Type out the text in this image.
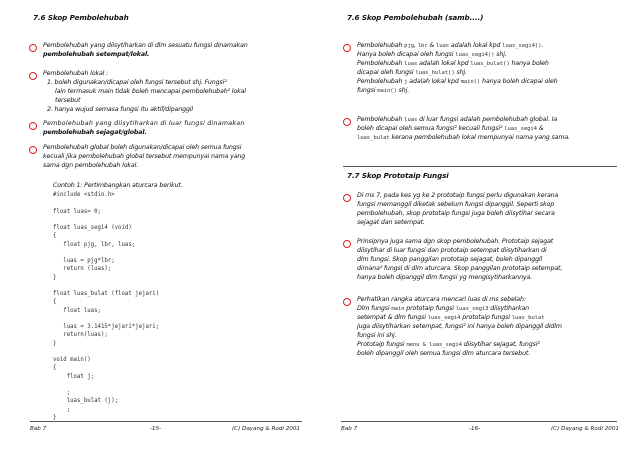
7.6 Skop Pembolehubah
Pembolehubah yang diisytiharkan di dlm sesuatu fungsi dinamakan
pembolehubah setempat/lokal.
Pembolehubah lokal :
1. boleh digunakan/dicapai oleh fungsi tersebut shj. Fungsi²
lain termasuk main tidak boleh mencapai pembolehubah² lokal
tersebut
2. hanya wujud semasa fungsi itu aktif/dipanggil
Pembolehubah yang diisytiharkan di luar fungsi dinamakan
pembolehubah sejagat/global.
Pembolehubah global boleh digunakan/dicapai oleh semua fungsi
kecuali jika pembolehubah global tersebut mempunyai nama yang
sama dgn pembolehubah lokal.
Contoh 1: Pertimbangkan aturcara berikut.
#include <stdio.h>

float luas= 0;

float luas_segi4 (void)
{
float pjg, lbr, luas;

luas = pjg*lbr;
return (luas);
}

float luas_bulat (float jejari)
{
float luas;

luas = 3.1415*jejari*jejari;
return(luas);
}

void main()
{
float j;

;
luas_bulat (j);
;
}
Bab 7	-15-	(C) Dayang & Rodi 2001
7.6 Skop Pembolehubah (samb....)
Pembolehubah pjg, lbr & luas adalah lokal kpd luas_segi4().
Hanya boleh dicapai oleh fungsi luas_segi4() shj.
Pembolehubah luas adalah lokal kpd luas_bulat() hanya boleh
dicapai oleh fungsi luas_bulat() shj.
Pembolehubah j adalah lokal kpd main() hanya boleh dicapai oleh
fungsi main() shj.
Pembolehubah luas di luar fungsi adalah pembolehubah global. Ia
boleh dicapai oleh semua fungsi² kecuali fungsi² luas_segi4 &
luas_bulat kerana pembolehubah lokal mempunyai nama yang sama.
7.7 Skop Prototaip Fungsi
Di ms 7, pada kes yg ke 2 prototaip fungsi perlu digunakan kerana
fungsi memanggil diketak sebelum fungsi dipanggil. Seperti skop
pembolehubah, skop prototaip fungsi juga boleh diisytihar secara
sejagat dan setempat.
Prinsipnya juga sama dgn skop pembolehubah. Prototaip sejagat
diisytihar di luar fungsi dan prototaip setempat diisytiharkan di
dlm fungsi. Skop panggilan prototaip sejagat, boleh dipanggil
dimana² fungsi di dlm aturcara. Skop panggilan prototaip setempat,
hanya boleh dipanggil dlm fungsi yg mengisytiharkannya.
Perhatikan rangka aturcara mencari luas di ms sebelah:
Dlm fungsi main prototaip fungsi luas_segi3 diisytiharkan
setempat & dlm fungsi luas_segi4 prototaip fungsi luas_bulat
juga diisytiharkan setempat, fungsi² ini hanya boleh dipanggil didlm
fungsi ini shj.
Prototaip fungsi menu & luas_segi4 diisytihar sejagat, fungsi²
boleh dipanggil oleh semua fungsi dlm aturcara tersebut.
Bab 7	-16-	(C) Dayang & Rodi 2001
